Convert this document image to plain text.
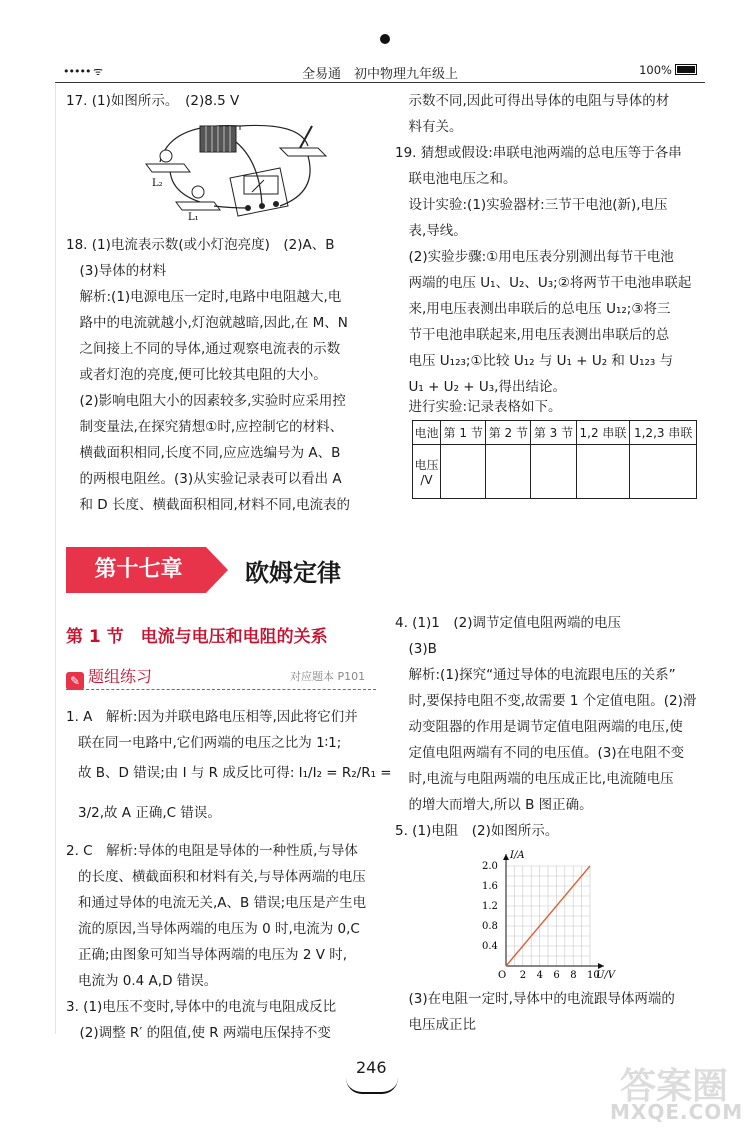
••••• ᯤ	全易通　初中物理九年级上	100%
17. (1)如图所示。　(2)8.5 V
L₂
L₁
18. (1)电流表示数(或小灯泡亮度)　(2)A、B
　(3)导体的材料
　解析:(1)电源电压一定时,电路中电阻越大,电
　路中的电流就越小,灯泡就越暗,因此,在 M、N
　之间接上不同的导体,通过观察电流表的示数
　或者灯泡的亮度,便可比较其电阻的大小。
　(2)影响电阻大小的因素较多,实验时应采用控
　制变量法,在探究猜想①时,应控制它的材料、
　横截面积相同,长度不同,应应选编号为 A、B
　的两根电阻丝。(3)从实验记录表可以看出 A
　和 D 长度、横截面积相同,材料不同,电流表的
　示数不同,因此可得出导体的电阻与导体的材
　料有关。
19. 猜想或假设:串联电池两端的总电压等于各串
　联电池电压之和。
　设计实验:(1)实验器材:三节干电池(新),电压
　表,导线。
　(2)实验步骤:①用电压表分别测出每节干电池
　两端的电压 U₁、U₂、U₃;②将两节干电池串联起
　来,用电压表测出串联后的总电压 U₁₂;③将三
　节干电池串联起来,用电压表测出串联后的总
　电压 U₁₂₃;①比较 U₁₂ 与 U₁ + U₂ 和 U₁₂₃ 与
　U₁ + U₂ + U₃,得出结论。
　进行实验:记录表格如下。
电池	第 1 节	第 2 节	第 3 节	1,2 串联	1,2,3 串联

电压
/V					

第十七章	欧姆定律
第 1 节　电流与电压和电阻的关系
✎ 题组练习	对应题本 P101
1. A　解析:因为并联电路电压相等,因此将它们并
联在同一电路中,它们两端的电压之比为 1∶1;
故 B、D 错误;由 I 与 R 成反比可得: I₁/I₂ = R₂/R₁ =
3/2,故 A 正确,C 错误。
2. C　解析:导体的电阻是导体的一种性质,与导体
的长度、横截面积和材料有关,与导体两端的电压
和通过导体的电流无关,A、B 错误;电压是产生电
流的原因,当导体两端的电压为 0 时,电流为 0,C
正确;由图象可知当导体两端的电压为 2 V 时,
电流为 0.4 A,D 错误。
3. (1)电压不变时,导体中的电流与电阻成反比
　(2)调整 R′ 的阻值,使 R 两端电压保持不变
4. (1)1　(2)调节定值电阻两端的电压
　(3)B
　解析:(1)探究“通过导体的电流跟电压的关系”
　时,要保持电阻不变,故需要 1 个定值电阻。(2)滑
　动变阻器的作用是调节定值电阻两端的电压,使
　定值电阻两端有不同的电压值。(3)在电阻不变
　时,电流与电阻两端的电压成正比,电流随电压
　的增大而增大,所以 B 图正确。
5. (1)电阻　(2)如图所示。
O 2 4 6 8 10
0.4
0.8
1.2
1.6
2.0
U/V
I/A
　(3)在电阻一定时,导体中的电流跟导体两端的
　电压成正比
246	答案圈
MXQE.COM
